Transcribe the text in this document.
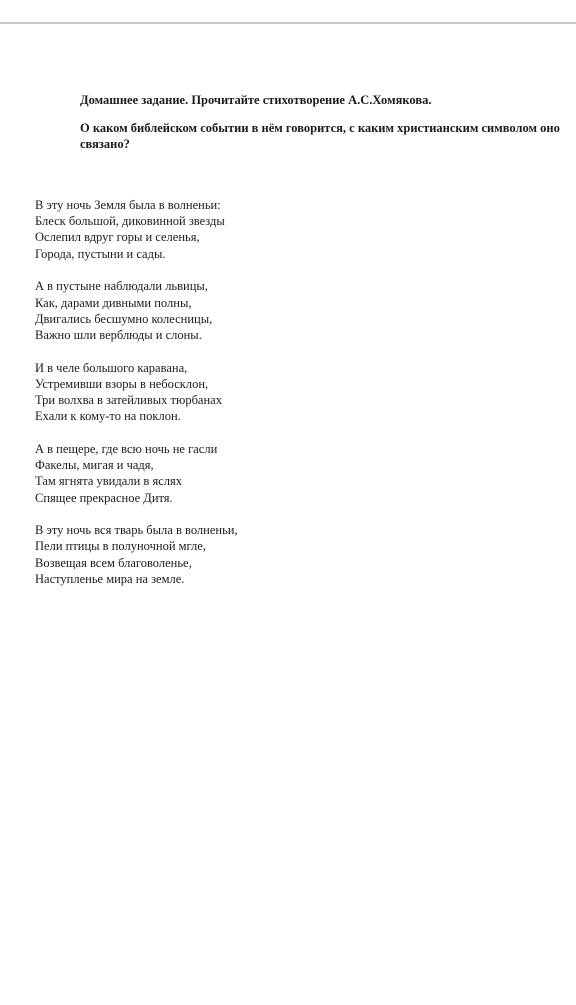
Домашнее задание. Прочитайте стихотворение А.С.Хомякова.
О каком библейском событии в нём говорится, с каким христианским символом оно связано?
В эту ночь Земля была в волненьи:
Блеск большой, диковинной звезды
Ослепил вдруг горы и селенья,
Города, пустыни и сады.
А в пустыне наблюдали львицы,
Как, дарами дивными полны,
Двигались бесшумно колесницы,
Важно шли верблюды и слоны.
И в челе большого каравана,
Устремивши взоры в небосклон,
Три волхва в затейливых тюрбанах
Ехали к кому-то на поклон.
А в пещере, где всю ночь не гасли
Факелы, мигая и чадя,
Там ягнята увидали в яслях
Спящее прекрасное Дитя.
В эту ночь вся тварь была в волненьи,
Пели птицы в полуночной мгле,
Возвещая всем благоволенье,
Наступленье мира на земле.
